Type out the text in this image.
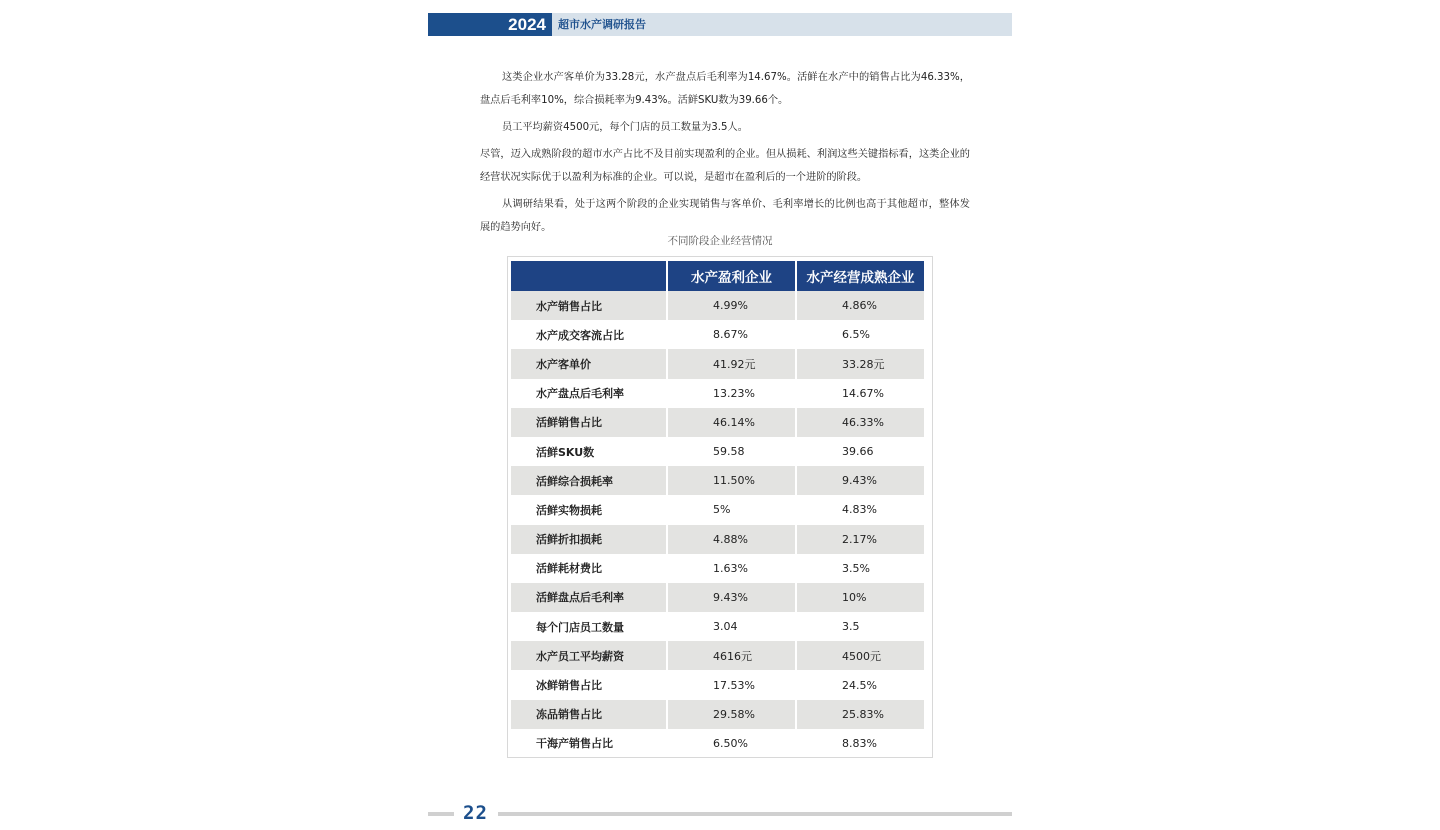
2024	超市水产调研报告

这类企业水产客单价为33.28元，水产盘点后毛利率为14.67%。活鲜在水产中的销售占比为46.33%，盘点后毛利率10%，综合损耗率为9.43%。活鲜SKU数为39.66个。

员工平均薪资4500元，每个门店的员工数量为3.5人。

尽管，迈入成熟阶段的超市水产占比不及目前实现盈利的企业。但从损耗、利润这些关键指标看，这类企业的经营状况实际优于以盈利为标准的企业。可以说，是超市在盈利后的一个进阶的阶段。

从调研结果看，处于这两个阶段的企业实现销售与客单价、毛利率增长的比例也高于其他超市，整体发展的趋势向好。

不同阶段企业经营情况
	水产盈利企业	水产经营成熟企业
水产销售占比	4.99%	4.86%
水产成交客流占比	8.67%	6.5%
水产客单价	41.92元	33.28元
水产盘点后毛利率	13.23%	14.67%
活鲜销售占比	46.14%	46.33%
活鲜SKU数	59.58	39.66
活鲜综合损耗率	11.50%	9.43%
活鲜实物损耗	5%	4.83%
活鲜折扣损耗	4.88%	2.17%
活鲜耗材费比	1.63%	3.5%
活鲜盘点后毛利率	9.43%	10%
每个门店员工数量	3.04	3.5
水产员工平均薪资	4616元	4500元
冰鲜销售占比	17.53%	24.5%
冻品销售占比	29.58%	25.83%
干海产销售占比	6.50%	8.83%
22
